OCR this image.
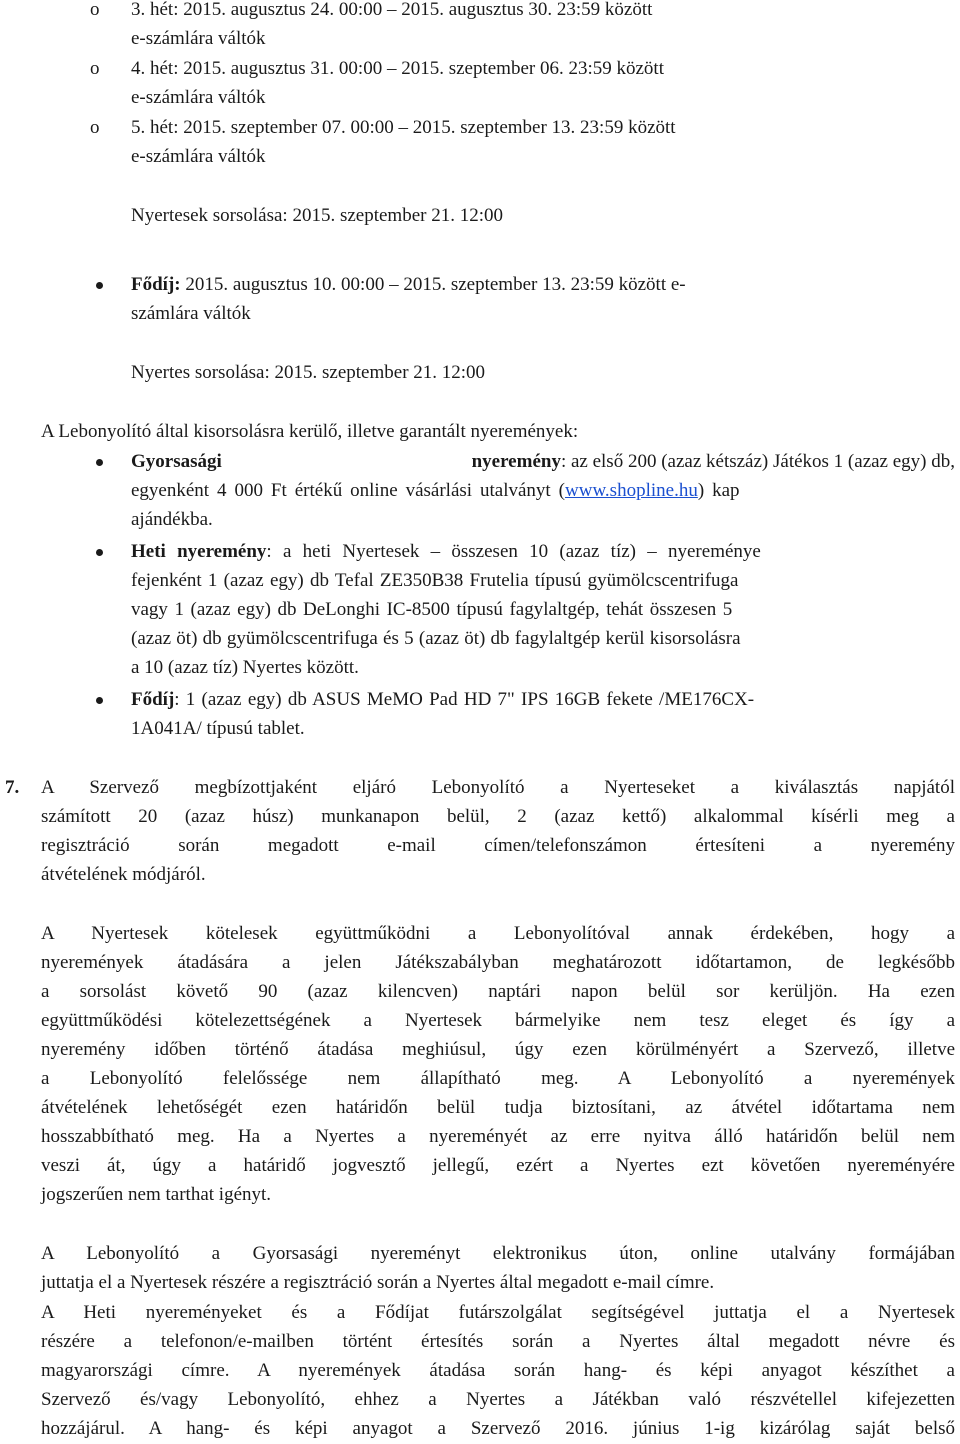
o 3. hét: 2015. augusztus 24. 00:00 – 2015. augusztus 30. 23:59 között
e-számlára váltók
o 4. hét: 2015. augusztus 31. 00:00 – 2015. szeptember 06. 23:59 között
e-számlára váltók
o 5. hét: 2015. szeptember 07. 00:00 – 2015. szeptember 13. 23:59 között
e-számlára váltók
Nyertesek sorsolása: 2015. szeptember 21. 12:00
Fődíj: 2015. augusztus 10. 00:00 – 2015. szeptember 13. 23:59 között e-
számlára váltók
Nyertes sorsolása: 2015. szeptember 21. 12:00
A Lebonyolító által kisorsolásra kerülő, illetve garantált nyeremények:
Gyorsasági nyeremény: az első 200 (azaz kétszáz) Játékos 1 (azaz egy) db,
egyenként 4 000 Ft értékű online vásárlási utalványt (www.shopline.hu) kap
ajándékba.
Heti nyeremény: a heti Nyertesek – összesen 10 (azaz tíz) – nyereménye
fejenként 1 (azaz egy) db Tefal ZE350B38 Frutelia típusú gyümölcscentrifuga
vagy 1 (azaz egy) db DeLonghi IC-8500 típusú fagylaltgép, tehát összesen 5
(azaz öt) db gyümölcscentrifuga és 5 (azaz öt) db fagylaltgép kerül kisorsolásra
a 10 (azaz tíz) Nyertes között.
Fődíj: 1 (azaz egy) db ASUS MeMO Pad HD 7" IPS 16GB fekete /ME176CX-
1A041A/ típusú tablet.
7. A Szervező megbízottjaként eljáró Lebonyolító a Nyerteseket a kiválasztás napjától
számított 20 (azaz húsz) munkanapon belül, 2 (azaz kettő) alkalommal kísérli meg a
regisztráció során megadott e-mail címen/telefonszámon értesíteni a nyeremény
átvételének módjáról.
A Nyertesek kötelesek együttműködni a Lebonyolítóval annak érdekében, hogy a
nyeremények átadására a jelen Játékszabályban meghatározott időtartamon, de legkésőbb
a sorsolást követő 90 (azaz kilencven) naptári napon belül sor kerüljön. Ha ezen
együttműködési kötelezettségének a Nyertesek bármelyike nem tesz eleget és így a
nyeremény időben történő átadása meghiúsul, úgy ezen körülményért a Szervező, illetve
a Lebonyolító felelőssége nem állapítható meg. A Lebonyolító a nyeremények
átvételének lehetőségét ezen határidőn belül tudja biztosítani, az átvétel időtartama nem
hosszabbítható meg. Ha a Nyertes a nyereményét az erre nyitva álló határidőn belül nem
veszi át, úgy a határidő jogvesztő jellegű, ezért a Nyertes ezt követően nyereményére
jogszerűen nem tarthat igényt.
A Lebonyolító a Gyorsasági nyereményt elektronikus úton, online utalvány formájában
juttatja el a Nyertesek részére a regisztráció során a Nyertes által megadott e-mail címre.
A Heti nyereményeket és a Fődíjat futárszolgálat segítségével juttatja el a Nyertesek
részére a telefonon/e-mailben történt értesítés során a Nyertes által megadott névre és
magyarországi címre. A nyeremények átadása során hang- és képi anyagot készíthet a
Szervező és/vagy Lebonyolító, ehhez a Nyertes a Játékban való részvétellel kifejezetten
hozzájárul. A hang- és képi anyagot a Szervező 2016. június 1-ig kizárólag saját belső
